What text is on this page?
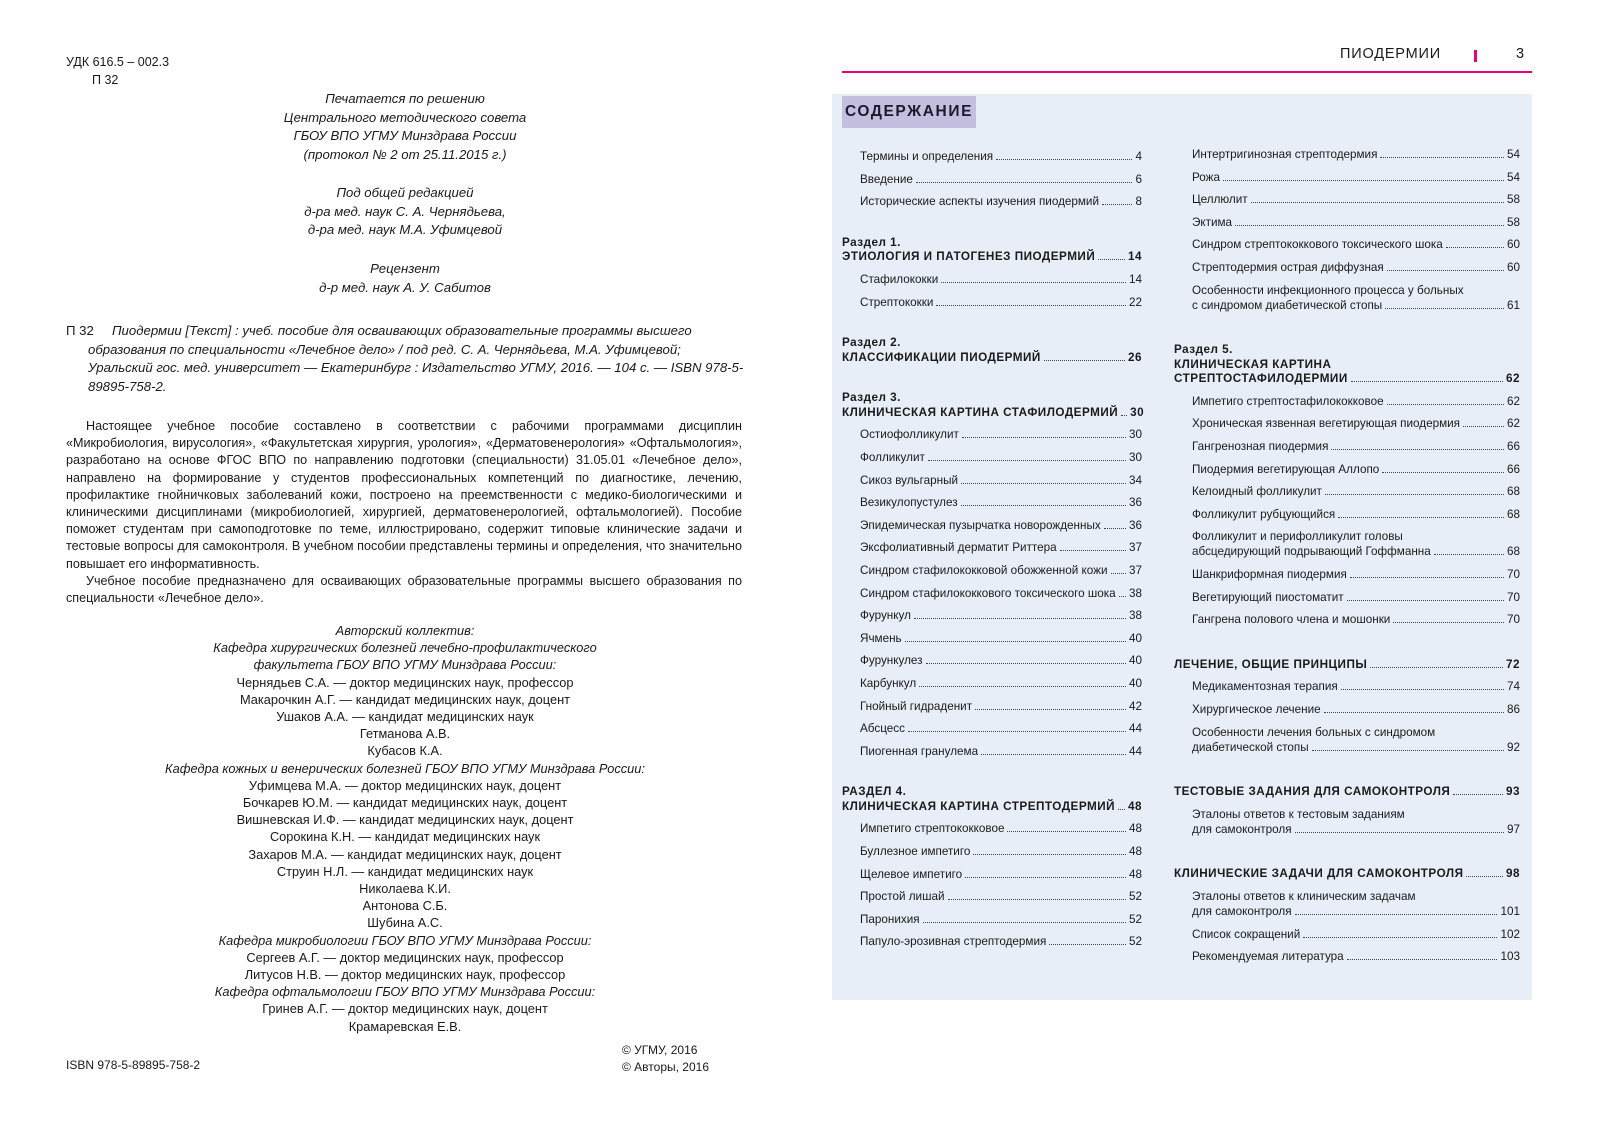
УДК 616.5 – 002.3
П 32
Печатается по решению
Центрального методического совета
ГБОУ ВПО УГМУ Минздрава России
(протокол № 2 от 25.11.2015 г.)
Под общей редакцией
д-ра мед. наук С. А. Чернядьева,
д-ра мед. наук М.А. Уфимцевой
Рецензент
д-р мед. наук А. У. Сабитов
П 32	Пиодермии [Текст] : учеб. пособие для осваивающих образовательные программы высшего образования по специальности «Лечебное дело» / под ред. С. А. Чернядьева, М.А. Уфимцевой; Уральский гос. мед. университет — Екатеринбург : Издательство УГМУ, 2016. — 104 с. — ISBN 978-5-89895-758-2.

Настоящее учебное пособие составлено в соответствии с рабочими программами дисциплин «Микробиология, вирусология», «Факультетская хирургия, урология», «Дерматовенерология» «Офтальмология», разработано на основе ФГОС ВПО по направлению подготовки (специальности) 31.05.01 «Лечебное дело», направлено на формирование у студентов профессиональных компетенций по диагностике, лечению, профилактике гнойничковых заболеваний кожи, построено на преемственности с медико-биологическими и клиническими дисциплинами (микробиологией, хирургией, дерматовенерологией, офтальмологией). Пособие поможет студентам при самоподготовке по теме, иллюстрировано, содержит типовые клинические задачи и тестовые вопросы для самоконтроля. В учебном пособии представлены термины и определения, что значительно повышает его информативность.

Учебное пособие предназначено для осваивающих образовательные программы высшего образования по специальности «Лечебное дело».

Авторский коллектив:
Кафедра хирургических болезней лечебно-профилактического
факультета ГБОУ ВПО УГМУ Минздрава России:
Чернядьев С.А. — доктор медицинских наук, профессор
Макарочкин А.Г. — кандидат медицинских наук, доцент
Ушаков А.А. — кандидат медицинских наук
Гетманова А.В.
Кубасов К.А.
Кафедра кожных и венерических болезней ГБОУ ВПО УГМУ Минздрава России:
Уфимцева М.А. — доктор медицинских наук, доцент
Бочкарев Ю.М. — кандидат медицинских наук, доцент
Вишневская И.Ф. — кандидат медицинских наук, доцент
Сорокина К.Н. — кандидат медицинских наук
Захаров М.А. — кандидат медицинских наук, доцент
Струин Н.Л. — кандидат медицинских наук
Николаева К.И.
Антонова С.Б.
Шубина А.С.
Кафедра микробиологии ГБОУ ВПО УГМУ Минздрава России:
Сергеев А.Г. — доктор медицинских наук, профессор
Литусов Н.В. — доктор медицинских наук, профессор
Кафедра офтальмологии ГБОУ ВПО УГМУ Минздрава России:
Гринев А.Г. — доктор медицинских наук, доцент
Крамаревская Е.В.
ISBN 978-5-89895-758-2
© УГМУ, 2016
© Авторы, 2016
ПИОДЕРМИИ	3
СОДЕРЖАНИЕ
Термины и определения	4
Введение	6
Исторические аспекты изучения пиодермий	8
Раздел 1.
ЭТИОЛОГИЯ И ПАТОГЕНЕЗ ПИОДЕРМИЙ	14
Стафилококки	14
Стрептококки	22
Раздел 2.
КЛАССИФИКАЦИИ ПИОДЕРМИЙ	26
Раздел 3.
КЛИНИЧЕСКАЯ КАРТИНА СТАФИЛОДЕРМИЙ 30
Остиофолликулит	30
Фолликулит	30
Сикоз вульгарный	34
Везикулопустулез	36
Эпидемическая пузырчатка новорожденных 36
Эксфолиативный дерматит Риттера	37
Синдром стафилококковой обожженной кожи 37
Синдром стафилококкового токсического шока 38
Фурункул	38
Ячмень	40
Фурункулез	40
Карбункул	40
Гнойный гидраденит	42
Абсцесс	44
Пиогенная гранулема	44
РАЗДЕЛ 4.
КЛИНИЧЕСКАЯ КАРТИНА СТРЕПТОДЕРМИЙ 48
Импетиго стрептококковое	48
Буллезное импетиго	48
Щелевое импетиго	48
Простой лишай	52
Паронихия	52
Папуло-эрозивная стрептодермия	52
Интертригинозная стрептодермия	54
Рожа	54
Целлюлит	58
Эктима	58
Синдром стрептококкового токсического шока	60
Стрептодермия острая диффузная	60
Особенности инфекционного процесса у больных
с синдромом диабетической стопы	61
Раздел 5.
КЛИНИЧЕСКАЯ КАРТИНА
СТРЕПТОСТАФИЛОДЕРМИИ	62
Импетиго стрептостафилококковое	62
Хроническая язвенная вегетирующая пиодермия	62
Гангренозная пиодермия	66
Пиодермия вегетирующая Аллопо	66
Келоидный фолликулит	68
Фолликулит рубцующийся	68
Фолликулит и перифолликулит головы
абсцедирующий подрывающий Гоффманна	68
Шанкриформная пиодермия	70
Вегетирующий пиостоматит	70
Гангрена полового члена и мошонки	70
ЛЕЧЕНИЕ, ОБЩИЕ ПРИНЦИПЫ	72
Медикаментозная терапия	74
Хирургическое лечение	86
Особенности лечения больных с синдромом
диабетической стопы	92
ТЕСТОВЫЕ ЗАДАНИЯ ДЛЯ САМОКОНТРОЛЯ	93
Эталоны ответов к тестовым заданиям
для самоконтроля	97
КЛИНИЧЕСКИЕ ЗАДАЧИ ДЛЯ САМОКОНТРОЛЯ	98
Эталоны ответов к клиническим задачам
для самоконтроля	101
Список сокращений	102
Рекомендуемая литература	103
